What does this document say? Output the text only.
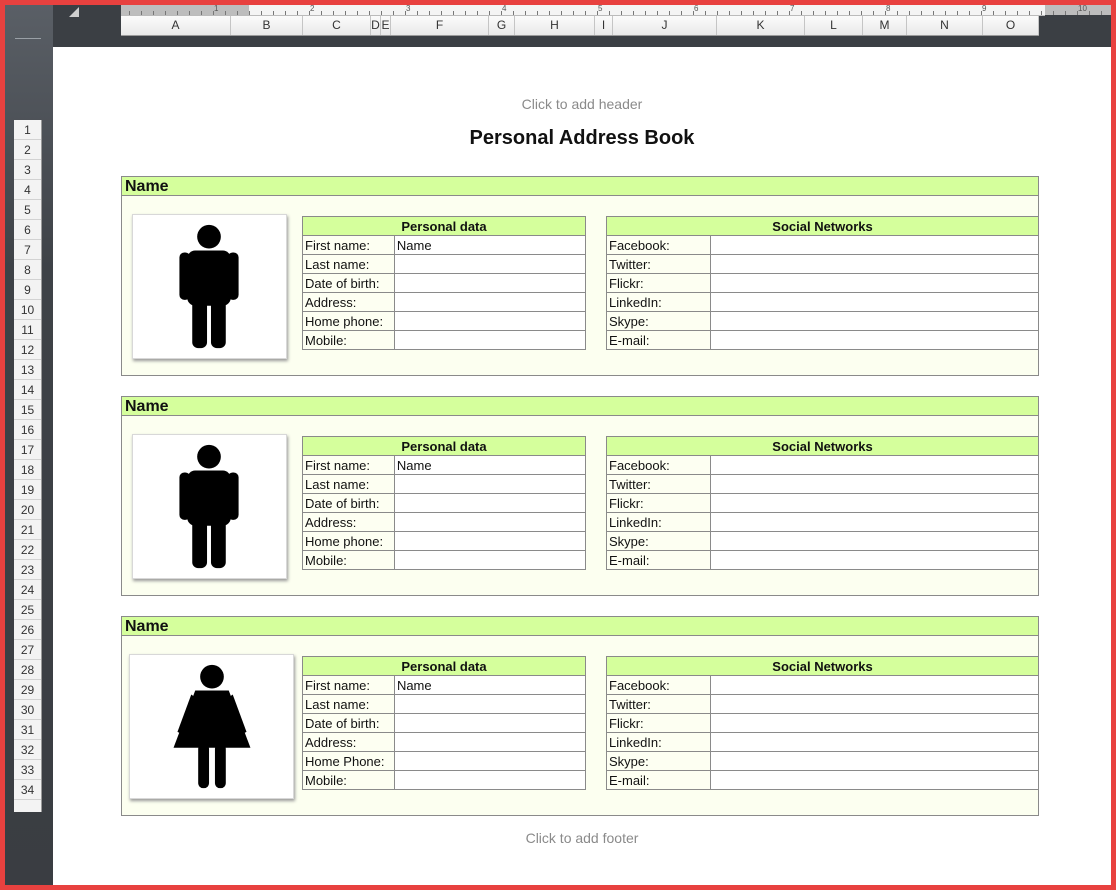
1	2	3	4	5	6	7	8	9	10
A	B	C	D E	F	G	H	I	J	K	L	M	N	O
1
2
3
4
5
6
7
8
9
10
11
12
13
14
15
16
17
18
19
20
21
22
23
24
25
26
27
28
29
30
31
32
33
34
Click to add header
Personal Address Book
Click to add footer
Name
Personal data	
First name:	Name
Last name:	
Date of birth:	
Address:	
Home phone:	
Mobile:	
Social Networks	
Facebook:	
Twitter:	
Flickr:	
LinkedIn:	
Skype:	
E-mail:	
Name
Personal data	
First name:	Name
Last name:	
Date of birth:	
Address:	
Home phone:	
Mobile:	
Social Networks	
Facebook:	
Twitter:	
Flickr:	
LinkedIn:	
Skype:	
E-mail:	
Name
Personal data	
First name:	Name
Last name:	
Date of birth:	
Address:	
Home Phone:	
Mobile:	
Social Networks	
Facebook:	
Twitter:	
Flickr:	
LinkedIn:	
Skype:	
E-mail:	
